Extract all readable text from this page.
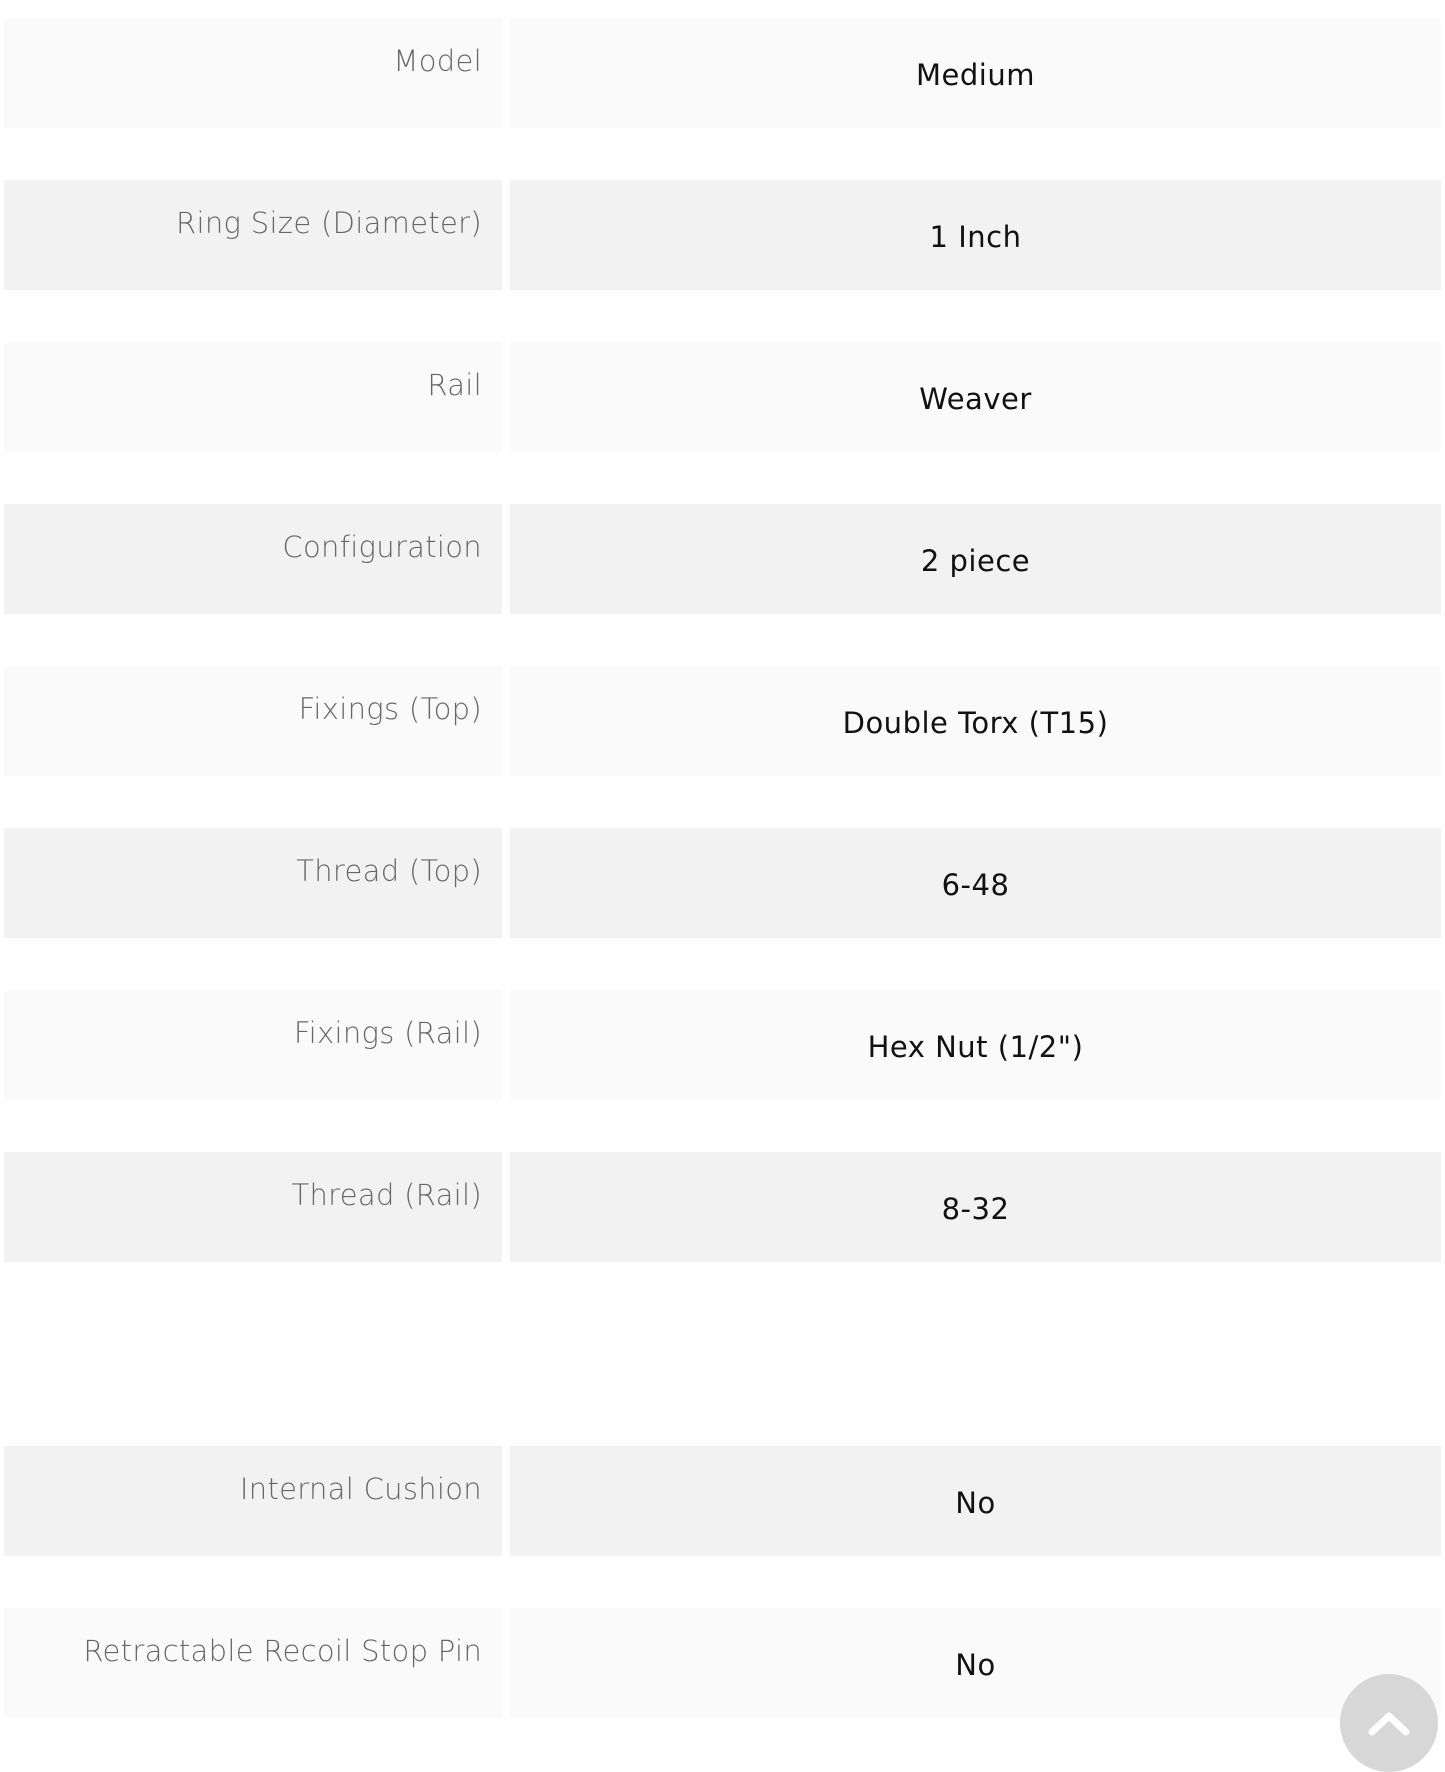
Model	Medium
Ring Size (Diameter)	1 Inch
Rail	Weaver
Configuration	2 piece
Fixings (Top)	Double Torx (T15)
Thread (Top)	6-48
Fixings (Rail)	Hex Nut (1/2")
Thread (Rail)	8-32
Internal Cushion	No
Retractable Recoil Stop Pin	No
